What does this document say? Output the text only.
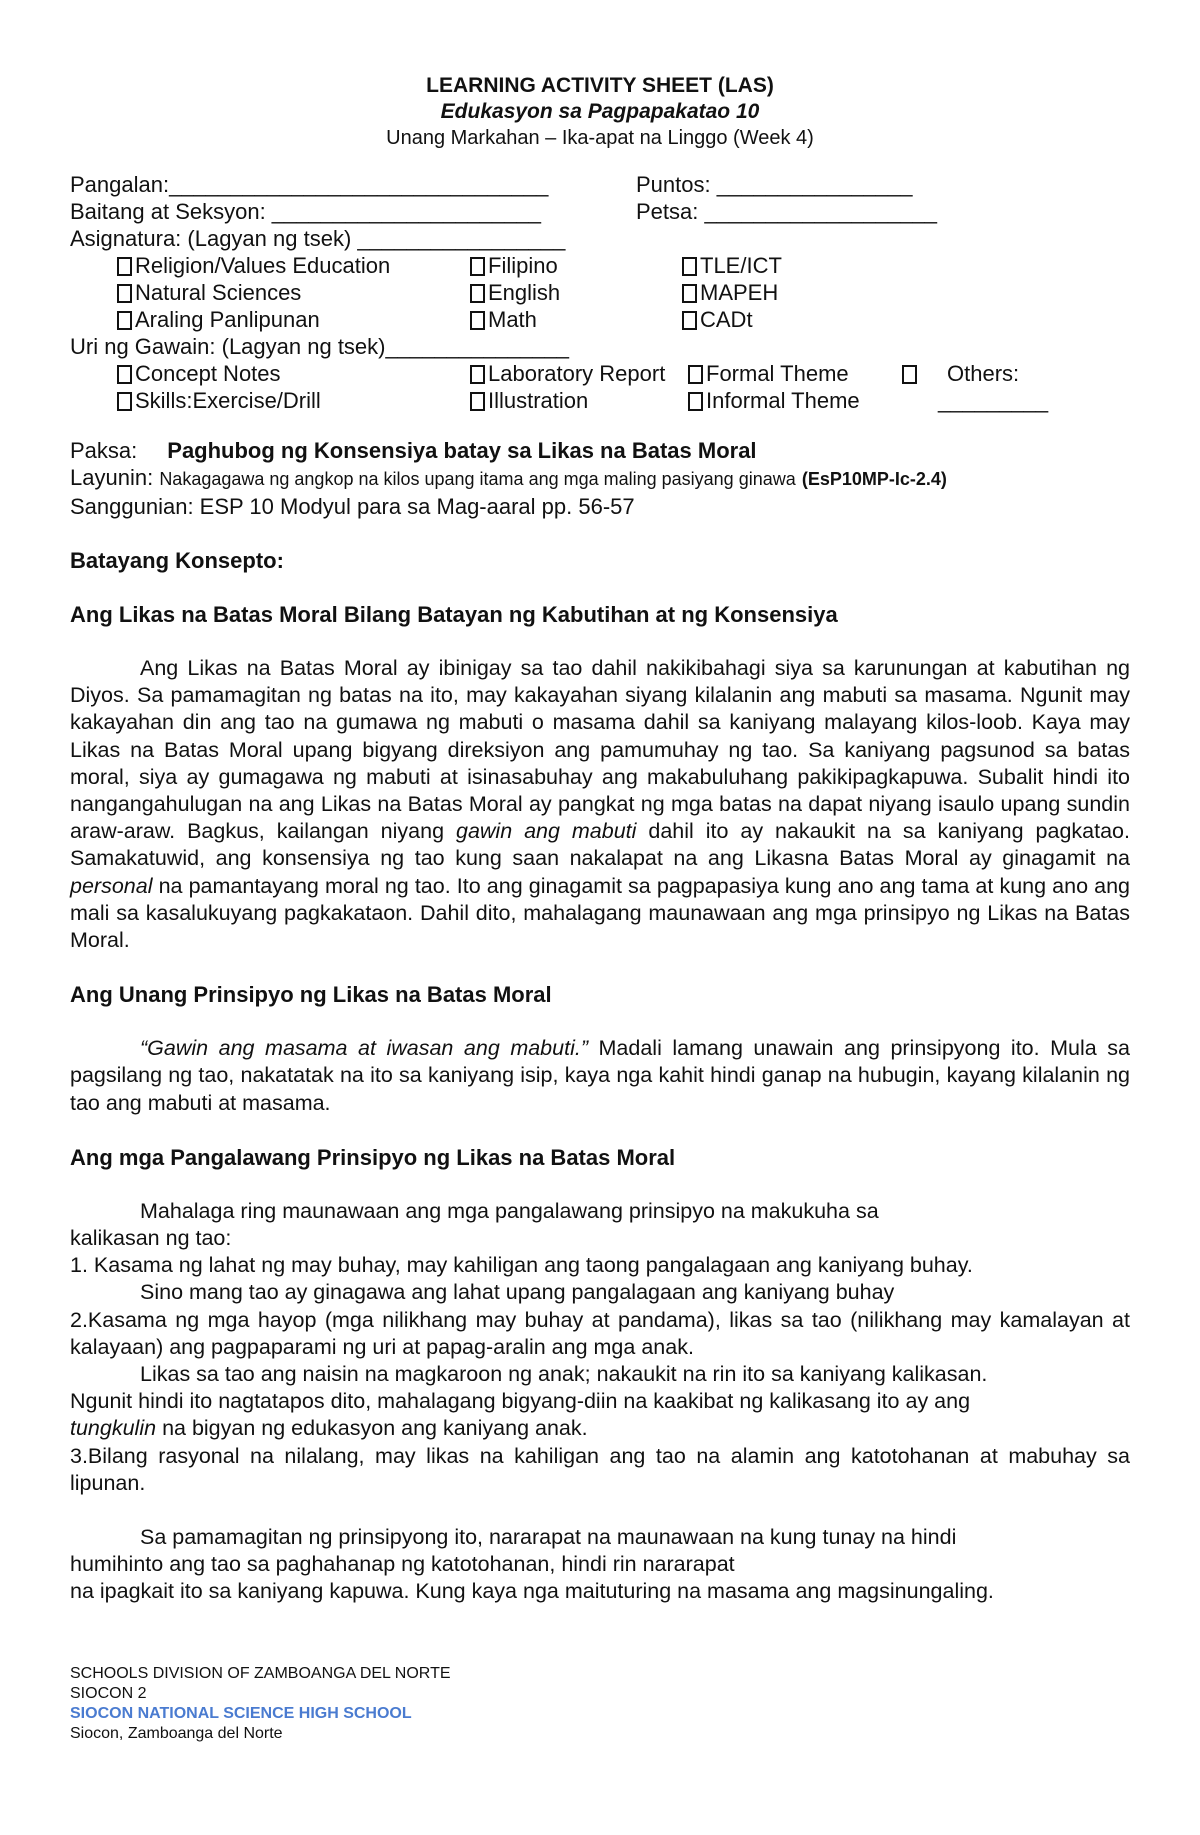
LEARNING ACTIVITY SHEET (LAS)
Edukasyon sa Pagpapakatao 10
Unang Markahan – Ika-apat na Linggo (Week 4)
Pangalan:_______________________________	Puntos: ________________
Baitang at Seksyon: ______________________	Petsa: ___________________
Asignatura: (Lagyan ng tsek) _________________
Religion/Values Education	Filipino	TLE/ICT
Natural Sciences	English	MAPEH
Araling Panlipunan	Math	CADt
Uri ng Gawain: (Lagyan ng tsek)_______________
Concept Notes	Laboratory Report	Formal Theme	Others:
Skills:Exercise/Drill	Illustration	Informal Theme	_________
Paksa: Paghubog ng Konsensiya batay sa Likas na Batas Moral
Layunin: Nakagagawa ng angkop na kilos upang itama ang mga maling pasiyang ginawa (EsP10MP-Ic-2.4)
Sanggunian: ESP 10 Modyul para sa Mag-aaral pp. 56-57
Batayang Konsepto:
Ang Likas na Batas Moral Bilang Batayan ng Kabutihan at ng Konsensiya
Ang Likas na Batas Moral ay ibinigay sa tao dahil nakikibahagi siya sa karunungan at kabutihan ng Diyos. Sa pamamagitan ng batas na ito, may kakayahan siyang kilalanin ang mabuti sa masama. Ngunit may kakayahan din ang tao na gumawa ng mabuti o masama dahil sa kaniyang malayang kilos-loob. Kaya may Likas na Batas Moral upang bigyang direksiyon ang pamumuhay ng tao. Sa kaniyang pagsunod sa batas moral, siya ay gumagawa ng mabuti at isinasabuhay ang makabuluhang pakikipagkapuwa. Subalit hindi ito nangangahulugan na ang Likas na Batas Moral ay pangkat ng mga batas na dapat niyang isaulo upang sundin araw-araw. Bagkus, kailangan niyang gawin ang mabuti dahil ito ay nakaukit na sa kaniyang pagkatao. Samakatuwid, ang konsensiya ng tao kung saan nakalapat na ang Likasna Batas Moral ay ginagamit na personal na pamantayang moral ng tao. Ito ang ginagamit sa pagpapasiya kung ano ang tama at kung ano ang mali sa kasalukuyang pagkakataon. Dahil dito, mahalagang maunawaan ang mga prinsipyo ng Likas na Batas Moral.
Ang Unang Prinsipyo ng Likas na Batas Moral
“Gawin ang masama at iwasan ang mabuti.” Madali lamang unawain ang prinsipyong ito. Mula sa pagsilang ng tao, nakatatak na ito sa kaniyang isip, kaya nga kahit hindi ganap na hubugin, kayang kilalanin ng tao ang mabuti at masama.
Ang mga Pangalawang Prinsipyo ng Likas na Batas Moral
Mahalaga ring maunawaan ang mga pangalawang prinsipyo na makukuha sa
kalikasan ng tao:
1. Kasama ng lahat ng may buhay, may kahiligan ang taong pangalagaan ang kaniyang buhay.
Sino mang tao ay ginagawa ang lahat upang pangalagaan ang kaniyang buhay
2.Kasama ng mga hayop (mga nilikhang may buhay at pandama), likas sa tao (nilikhang may kamalayan at kalayaan) ang pagpaparami ng uri at papag-aralin ang mga anak.
Likas sa tao ang naisin na magkaroon ng anak; nakaukit na rin ito sa kaniyang kalikasan.
Ngunit hindi ito nagtatapos dito, mahalagang bigyang-diin na kaakibat ng kalikasang ito ay ang
tungkulin na bigyan ng edukasyon ang kaniyang anak.
3.Bilang rasyonal na nilalang, may likas na kahiligan ang tao na alamin ang katotohanan at mabuhay sa lipunan.
Sa pamamagitan ng prinsipyong ito, nararapat na maunawaan na kung tunay na hindi
humihinto ang tao sa paghahanap ng katotohanan, hindi rin nararapat
na ipagkait ito sa kaniyang kapuwa. Kung kaya nga maituturing na masama ang magsinungaling.
SCHOOLS DIVISION OF ZAMBOANGA DEL NORTE
SIOCON 2
SIOCON NATIONAL SCIENCE HIGH SCHOOL
Siocon, Zamboanga del Norte
